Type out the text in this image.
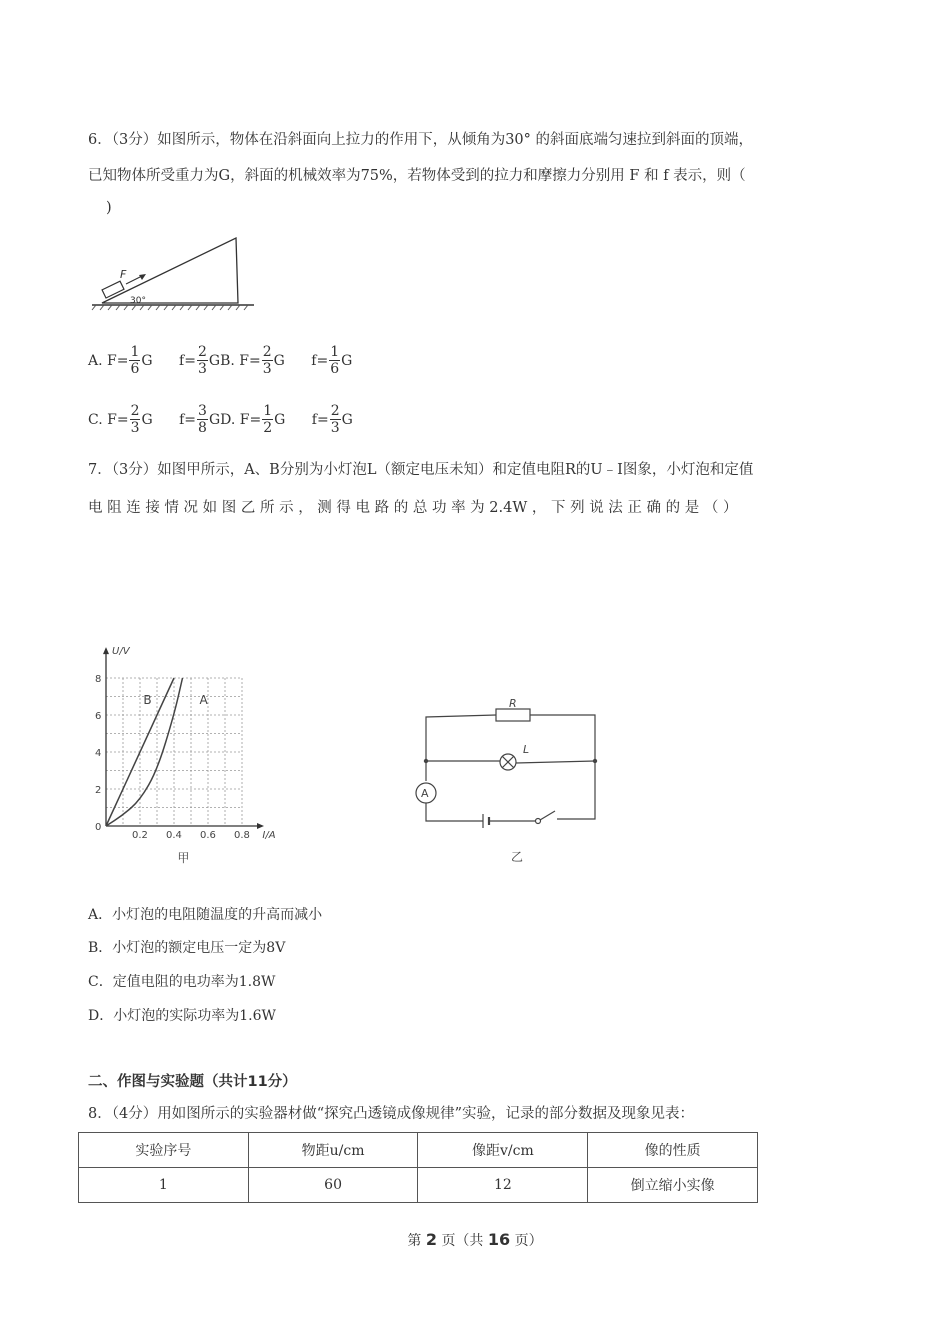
6．（3分）如图所示，物体在沿斜面向上拉力的作用下，从倾角为30° 的斜面底端匀速拉到斜面的顶端，
已知物体所受重力为G，斜面的机械效率为75%，若物体受到的拉力和摩擦力分别用 F 和 f 表示，则（
)
F
30°
A. $F= \frac{1}{6}$ G $f= \frac{2}{3}$ GB. $F= \frac{2}{3}$ G $f= \frac{1}{6}$ G
C. $F= \frac{2}{3}$ G $f= \frac{3}{8}$ GD. $F= \frac{1}{2}$ G $f= \frac{2}{3}$ G
7．（3分）如图甲所示，A、B分别为小灯泡L（额定电压未知）和定值电阻R的U﹣I图象，小灯泡和定值
电 阻 连 接 情 况 如 图 乙 所 示 ， 测 得 电 路 的 总 功 率 为 2.4W ， 下 列 说 法 正 确 的 是 （ ）
U/V
I/A
0
0.2 0.4 0.6 0.8
2
4
6
8
A
B
甲
R
L
A
乙
A．小灯泡的电阻随温度的升高而减小
B．小灯泡的额定电压一定为8V
C．定值电阻的电功率为1.8W
D．小灯泡的实际功率为1.6W
二、作图与实验题（共计11分）
8．（4分）用如图所示的实验器材做“探究凸透镜成像规律”实验，记录的部分数据及现象见表：
实验序号	物距u/cm	像距v/cm	像的性质
1	60	12	倒立缩小实像
第 2 页（共 16 页）
